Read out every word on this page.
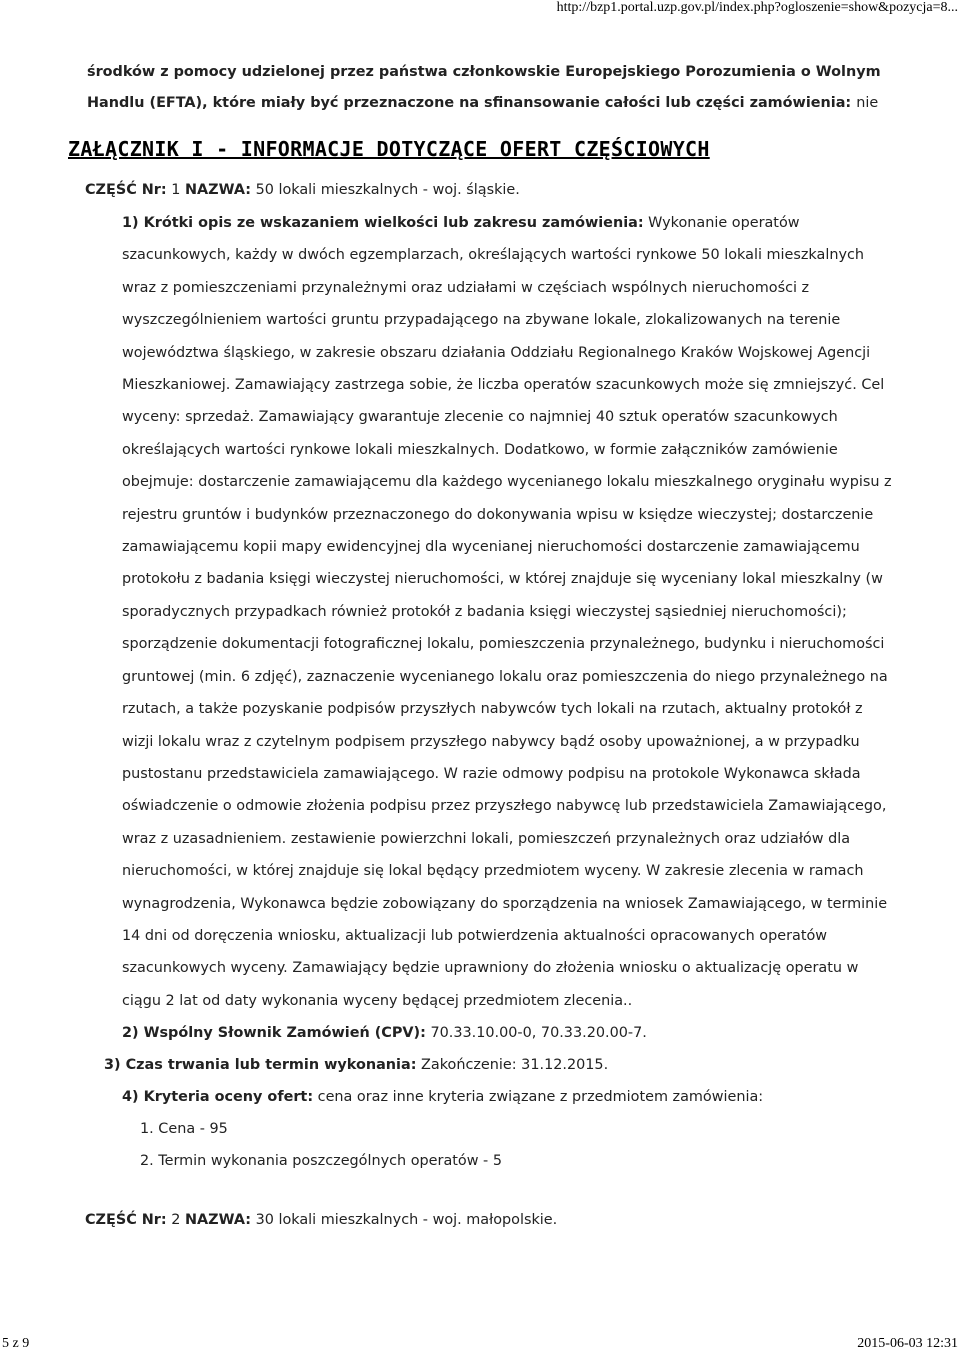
http://bzp1.portal.uzp.gov.pl/index.php?ogloszenie=show&pozycja=8...

środków z pomocy udzielonej przez państwa członkowskie Europejskiego Porozumienia o Wolnym Handlu (EFTA), które miały być przeznaczone na sfinansowanie całości lub części zamówienia: nie

ZAŁĄCZNIK I - INFORMACJE DOTYCZĄCE OFERT CZĘŚCIOWYCH
CZĘŚĆ Nr: 1 NAZWA: 50 lokali mieszkalnych - woj. śląskie.

1) Krótki opis ze wskazaniem wielkości lub zakresu zamówienia: Wykonanie operatów szacunkowych, każdy w dwóch egzemplarzach, określających wartości rynkowe 50 lokali mieszkalnych wraz z pomieszczeniami przynależnymi oraz udziałami w częściach wspólnych nieruchomości z wyszczególnieniem wartości gruntu przypadającego na zbywane lokale, zlokalizowanych na terenie województwa śląskiego, w zakresie obszaru działania Oddziału Regionalnego Kraków Wojskowej Agencji Mieszkaniowej. Zamawiający zastrzega sobie, że liczba operatów szacunkowych może się zmniejszyć. Cel wyceny: sprzedaż. Zamawiający gwarantuje zlecenie co najmniej 40 sztuk operatów szacunkowych określających wartości rynkowe lokali mieszkalnych. Dodatkowo, w formie załączników zamówienie obejmuje: dostarczenie zamawiającemu dla każdego wycenianego lokalu mieszkalnego oryginału wypisu z rejestru gruntów i budynków przeznaczonego do dokonywania wpisu w księdze wieczystej; dostarczenie zamawiającemu kopii mapy ewidencyjnej dla wycenianej nieruchomości dostarczenie zamawiającemu protokołu z badania księgi wieczystej nieruchomości, w której znajduje się wyceniany lokal mieszkalny (w sporadycznych przypadkach również protokół z badania księgi wieczystej sąsiedniej nieruchomości); sporządzenie dokumentacji fotograficznej lokalu, pomieszczenia przynależnego, budynku i nieruchomości gruntowej (min. 6 zdjęć), zaznaczenie wycenianego lokalu oraz pomieszczenia do niego przynależnego na rzutach, a także pozyskanie podpisów przyszłych nabywców tych lokali na rzutach, aktualny protokół z wizji lokalu wraz z czytelnym podpisem przyszłego nabywcy bądź osoby upoważnionej, a w przypadku pustostanu przedstawiciela zamawiającego. W razie odmowy podpisu na protokole Wykonawca składa oświadczenie o odmowie złożenia podpisu przez przyszłego nabywcę lub przedstawiciela Zamawiającego, wraz z uzasadnieniem. zestawienie powierzchni lokali, pomieszczeń przynależnych oraz udziałów dla nieruchomości, w której znajduje się lokal będący przedmiotem wyceny. W zakresie zlecenia w ramach wynagrodzenia, Wykonawca będzie zobowiązany do sporządzenia na wniosek Zamawiającego, w terminie 14 dni od doręczenia wniosku, aktualizacji lub potwierdzenia aktualności opracowanych operatów szacunkowych wyceny. Zamawiający będzie uprawniony do złożenia wniosku o aktualizację operatu w ciągu 2 lat od daty wykonania wyceny będącej przedmiotem zlecenia..

2) Wspólny Słownik Zamówień (CPV): 70.33.10.00-0, 70.33.20.00-7.
3) Czas trwania lub termin wykonania: Zakończenie: 31.12.2015.
4) Kryteria oceny ofert: cena oraz inne kryteria związane z przedmiotem zamówienia:
1. Cena - 95
2. Termin wykonania poszczególnych operatów - 5
CZĘŚĆ Nr: 2 NAZWA: 30 lokali mieszkalnych - woj. małopolskie.
5 z 9	2015-06-03 12:31
